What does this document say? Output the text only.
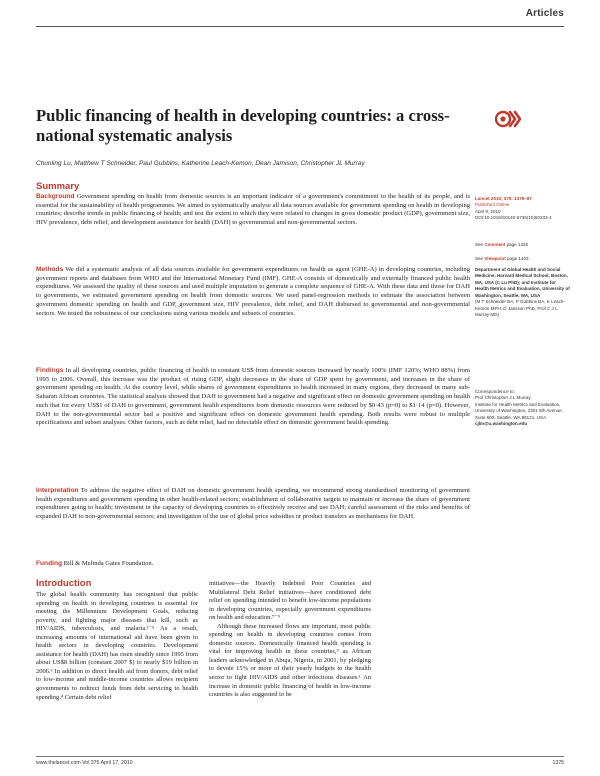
Articles
Public financing of health in developing countries: a cross-national systematic analysis
Chunling Lu, Matthew T Schneider, Paul Gubbins, Katherine Leach-Kemon, Dean Jamison, Christopher JL Murray
Summary

Background Government spending on health from domestic sources is an important indicator of a government's commitment to the health of its people, and is essential for the sustainability of health programmes. We aimed to systematically analyse all data sources available for government spending on health in developing countries; describe trends in public financing of health; and test the extent to which they were related to changes in gross domestic product (GDP), government size, HIV prevalence, debt relief, and development assistance for health (DAH) to governmental and non-governmental sectors.

Methods We did a systematic analysis of all data sources available for government expenditures on health as agent (GHE-A) in developing countries, including government reports and databases from WHO and the International Monetary Fund (IMF). GHE-A consists of domestically and externally financed public health expenditures. We assessed the quality of these sources and used multiple imputation to generate a complete sequence of GHE-A. With these data and those for DAH to governments, we estimated government spending on health from domestic sources. We used panel-regression methods to estimate the association between government domestic spending on health and GDP, government size, HIV prevalence, debt relief, and DAH disbursed to governmental and non-governmental sectors. We tested the robustness of our conclusions using various models and subsets of countries.

Findings In all developing countries, public financing of health in constant US$ from domestic sources increased by nearly 100% (IMF 120%; WHO 88%) from 1995 to 2006. Overall, this increase was the product of rising GDP, slight decreases in the share of GDP spent by government, and increases in the share of government spending on health. At the country level, while shares of government expenditures to health increased in many regions, they decreased in many sub-Saharan African countries. The statistical analysis showed that DAH to government had a negative and significant effect on domestic government spending on health such that for every US$1 of DAH to government, government health expenditures from domestic resources were reduced by $0·43 (p=0) to $1·14 (p=0). However, DAH to the non-governmental sector had a positive and significant effect on domestic government health spending. Both results were robust to multiple specifications and subset analyses. Other factors, such as debt relief, had no detectable effect on domestic government health spending.

Interpretation To address the negative effect of DAH on domestic government health spending, we recommend strong standardised monitoring of government health expenditures and government spending in other health-related sectors; establishment of collaborative targets to maintain or increase the share of government expenditures going to health; investment in the capacity of developing countries to effectively receive and use DAH; careful assessment of the risks and benefits of expanded DAH to non-governmental sectors; and investigation of the use of global price subsidies or product transfers as mechanisms for DAH.

Funding Bill & Melinda Gates Foundation.

Lancet 2010; 375: 1375–87
Published Online
April 9, 2010
DOI:10.1016/S0140-6736(10)60233-4
See Comment page 1326
See Viewpoint page 1403
Department of Global Health and Social Medicine, Harvard Medical School, Boston, MA, USA (C Lu PhD); and Institute for Health Metrics and Evaluation, University of Washington, Seattle, WA, USA
(M T Schneider BA, P Gubbins BA, K Leach-Kemon MPH, D Jamison PhD, Prof C J L Murray MD)
Correspondence to:
Prof Christopher J L Murray,
Institute for Health Metrics and Evaluation, University of Washington, 2301 5th Avenue, Suite 600, Seattle, WA 98121, USA
cjlm@u.washington.edu
Introduction

The global health community has recognised that public spending on health in developing countries is essential for meeting the Millennium Development Goals, reducing poverty, and fighting major diseases that kill, such as HIV/AIDS, tuberculosis, and malaria.¹⁻⁵ As a result, increasing amounts of international aid have been given to health sectors in developing countries. Development assistance for health (DAH) has risen steadily since 1995 from about US$8 billion (constant 2007 $) to nearly $19 billion in 2006.⁶ In addition to direct health aid from donors, debt relief to low-income and middle-income countries allows recipient governments to redirect funds from debt servicing to health spending.⁴ Certain debt relief

initiatives—the Heavily Indebted Poor Countries and Multilateral Debt Relief initiatives—have conditioned debt relief on spending intended to benefit low-income populations in developing countries, especially government expenditures on health and education.⁷⁻⁹

Although these increased flows are important, most public spending on health in developing countries comes from domestic sources. Domestically financed health spending is vital for improving health in these countries,⁹ as African leaders acknowledged in Abuja, Nigeria, in 2001, by pledging to devote 15% or more of their yearly budgets to the health sector to fight HIV/AIDS and other infectious diseases.¹ An increase in domestic public financing of health in low-income countries is also suggested to be

www.thelancet.com Vol 375 April 17, 2010	1375
